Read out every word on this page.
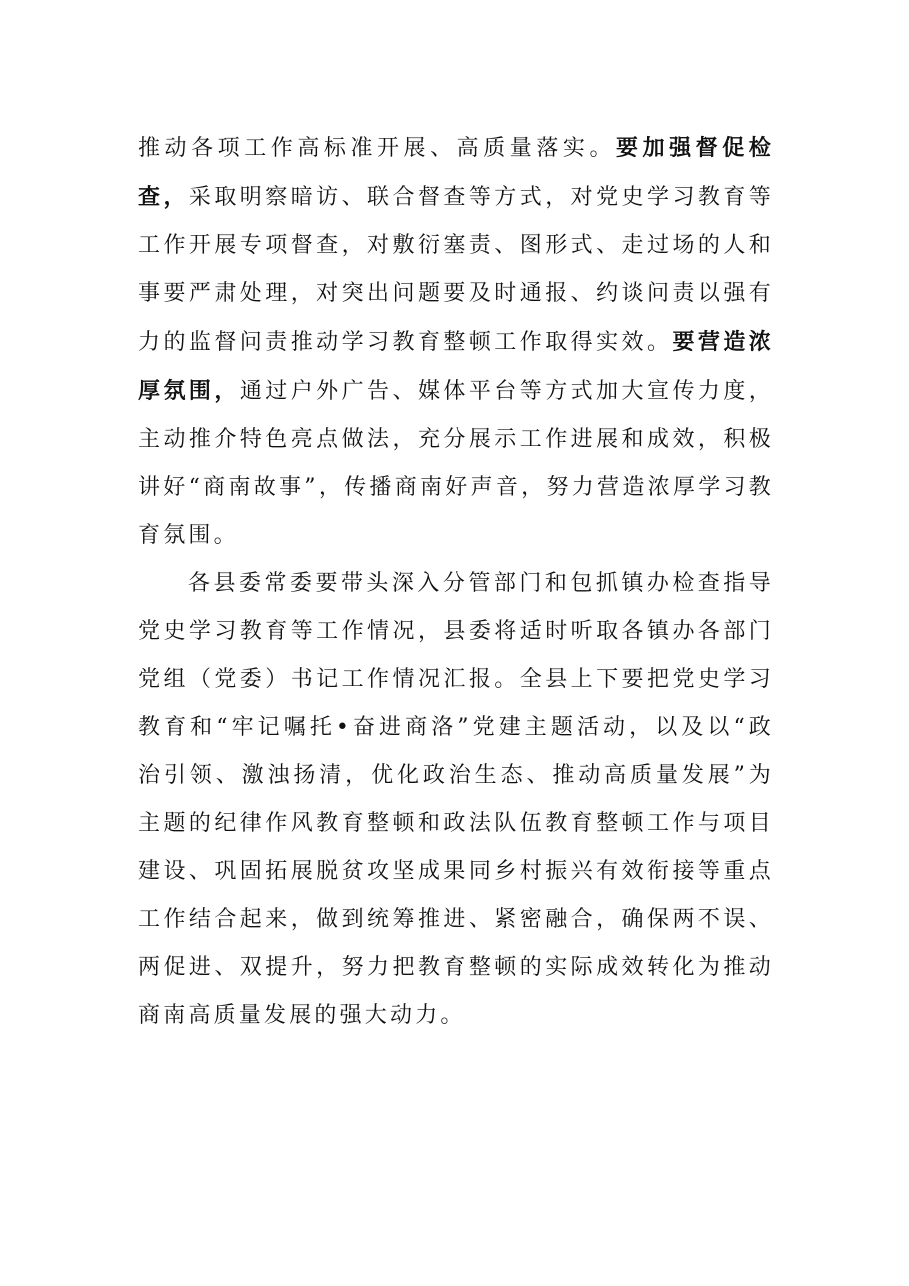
推动各项工作高标准开展、高质量落实。要加强督促检查，采取明察暗访、联合督查等方式，对党史学习教育等工作开展专项督查，对敷衍塞责、图形式、走过场的人和事要严肃处理，对突出问题要及时通报、约谈问责以强有力的监督问责推动学习教育整顿工作取得实效。要营造浓厚氛围，通过户外广告、媒体平台等方式加大宣传力度，主动推介特色亮点做法，充分展示工作进展和成效，积极讲好“商南故事”，传播商南好声音，努力营造浓厚学习教育氛围。

各县委常委要带头深入分管部门和包抓镇办检查指导党史学习教育等工作情况，县委将适时听取各镇办各部门党组（党委）书记工作情况汇报。全县上下要把党史学习教育和“牢记嘱托•奋进商洛”党建主题活动，以及以“政治引领、激浊扬清，优化政治生态、推动高质量发展”为主题的纪律作风教育整顿和政法队伍教育整顿工作与项目建设、巩固拓展脱贫攻坚成果同乡村振兴有效衔接等重点工作结合起来，做到统筹推进、紧密融合，确保两不误、两促进、双提升，努力把教育整顿的实际成效转化为推动商南高质量发展的强大动力。
